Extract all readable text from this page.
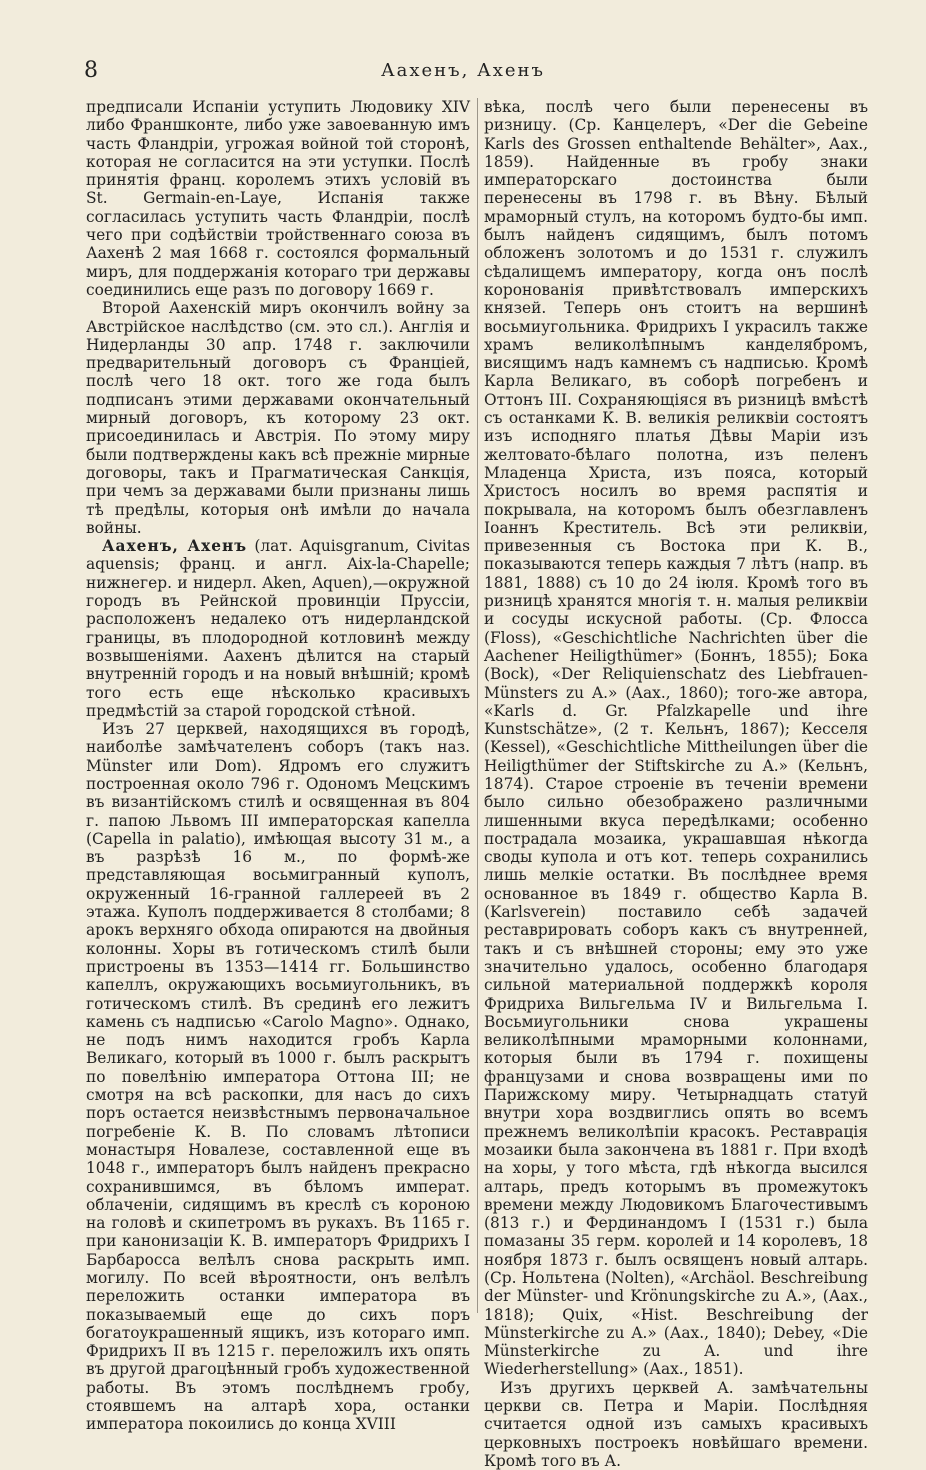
8	Аахенъ, Ахенъ

предписали Испаніи уступить Людовику XIV либо Франшконте, либо уже завоеванную имъ часть Фландріи, угрожая войной той сторонѣ, которая не согласится на эти уступки. Послѣ принятія франц. королемъ этихъ условій въ St. Germain-en-Laye, Испанія также согласилась уступить часть Фландріи, послѣ чего при содѣйствіи тройственнаго союза въ Аахенѣ 2 мая 1668 г. состоялся формальный миръ, для поддержанія котораго три державы соединились еще разъ по договору 1669 г.

Второй Аахенскій миръ окончилъ войну за Австрійское наслѣдство (см. это сл.). Англія и Нидерланды 30 апр. 1748 г. заключили предварительный договоръ съ Франціей, послѣ чего 18 окт. того же года былъ подписанъ этими державами окончательный мирный договоръ, къ которому 23 окт. присоединилась и Австрія. По этому миру были подтверждены какъ всѣ прежніе мирные договоры, такъ и Прагматическая Санкція, при чемъ за державами были признаны лишь тѣ предѣлы, которыя онѣ имѣли до начала войны.

Аахенъ, Ахенъ (лат. Aquisgranum, Civitas aquensis; франц. и англ. Aix-la-Chapelle; нижнегер. и нидерл. Aken, Aquen),—окружной городъ въ Рейнской провинціи Пруссіи, расположенъ недалеко отъ нидерландской границы, въ плодородной котловинѣ между возвышеніями. Аахенъ дѣлится на старый внутренній городъ и на новый внѣшній; кромѣ того есть еще нѣсколько красивыхъ предмѣстій за старой городской стѣной.

Изъ 27 церквей, находящихся въ городѣ, наиболѣе замѣчателенъ соборъ (такъ наз. Münster или Dom). Ядромъ его служитъ построенная около 796 г. Одономъ Мецскимъ въ византійскомъ стилѣ и освященная въ 804 г. папою Львомъ III императорская капелла (Capella in palatio), имѣющая высоту 31 м., а въ разрѣзѣ 16 м., по формѣ-же представляющая восьмигранный куполъ, окруженный 16-гранной галлереей въ 2 этажа. Куполъ поддерживается 8 столбами; 8 арокъ верхняго обхода опираются на двойныя колонны. Хоры въ готическомъ стилѣ были пристроены въ 1353—1414 гг. Большинство капеллъ, окружающихъ восьмиугольникъ, въ готическомъ стилѣ. Въ срединѣ его лежитъ камень съ надписью «Carolo Magno». Однако, не подъ нимъ находится гробъ Карла Великаго, который въ 1000 г. былъ раскрытъ по повелѣнію императора Оттона III; не смотря на всѣ раскопки, для насъ до сихъ поръ остается неизвѣстнымъ первоначальное погребеніе К. В. По словамъ лѣтописи монастыря Новалезе, составленной еще въ 1048 г., императоръ былъ найденъ прекрасно сохранившимся, въ бѣломъ императ. облаченіи, сидящимъ въ креслѣ съ короною на головѣ и скипетромъ въ рукахъ. Въ 1165 г. при канонизаціи К. В. императоръ Фридрихъ I Барбаросса велѣлъ снова раскрыть имп. могилу. По всей вѣроятности, онъ велѣлъ переложить останки императора въ показываемый еще до сихъ поръ богатоукрашенный ящикъ, изъ котораго имп. Фридрихъ II въ 1215 г. переложилъ ихъ опять въ другой драгоцѣнный гробъ художественной работы. Въ этомъ послѣднемъ гробу, стоявшемъ на алтарѣ хора, останки императора покоились до конца XVIII

вѣка, послѣ чего были перенесены въ ризницу. (Ср. Канцелеръ, «Der die Gebeine Karls des Grossen enthaltende Behälter», Аах., 1859). Найденные въ гробу знаки императорскаго достоинства были перенесены въ 1798 г. въ Вѣну. Бѣлый мраморный стулъ, на которомъ будто-бы имп. былъ найденъ сидящимъ, былъ потомъ обложенъ золотомъ и до 1531 г. служилъ сѣдалищемъ императору, когда онъ послѣ коронованія привѣтствовалъ имперскихъ князей. Теперь онъ стоитъ на вершинѣ восьмиугольника. Фридрихъ I украсилъ также храмъ великолѣпнымъ канделябромъ, висящимъ надъ камнемъ съ надписью. Кромѣ Карла Великаго, въ соборѣ погребенъ и Оттонъ III. Сохраняющіяся въ ризницѣ вмѣстѣ съ останками К. В. великія реликвіи состоятъ изъ исподняго платья Дѣвы Маріи изъ желтовато-бѣлаго полотна, изъ пеленъ Младенца Христа, изъ пояса, который Христосъ носилъ во время распятія и покрывала, на которомъ былъ обезглавленъ Іоаннъ Креститель. Всѣ эти реликвіи, привезенныя съ Востока при К. В., показываются теперь каждыя 7 лѣтъ (напр. въ 1881, 1888) съ 10 до 24 іюля. Кромѣ того въ ризницѣ хранятся многія т. н. малыя реликвіи и сосуды искусной работы. (Ср. Флосса (Floss), «Geschichtliche Nachrichten über die Aachener Heiligthümer» (Боннъ, 1855); Бока (Bock), «Der Reliquienschatz des Liebfrauen-Münsters zu A.» (Аах., 1860); того-же автора, «Karls d. Gr. Pfalzkapelle und ihre Kunstschätze», (2 т. Кельнъ, 1867); Кесселя (Kessel), «Geschichtliche Mittheilungen über die Heiligthümer der Stiftskirche zu A.» (Кельнъ, 1874). Старое строеніе въ теченіи времени было сильно обезображено различными лишенными вкуса передѣлками; особенно пострадала мозаика, украшавшая нѣкогда своды купола и отъ кот. теперь сохранились лишь мелкіе остатки. Въ послѣднее время основанное въ 1849 г. общество Карла В. (Karlsverein) поставило себѣ задачей реставрировать соборъ какъ съ внутренней, такъ и съ внѣшней стороны; ему это уже значительно удалось, особенно благодаря сильной материальной поддержкѣ короля Фридриха Вильгельма IV и Вильгельма I. Восьмиугольники снова украшены великолѣпными мраморными колоннами, которыя были въ 1794 г. похищены французами и снова возвращены ими по Парижскому миру. Четырнадцать статуй внутри хора воздвиглись опять во всемъ прежнемъ великолѣпіи красокъ. Реставрація мозаики была закончена въ 1881 г. При входѣ на хоры, у того мѣста, гдѣ нѣкогда высился алтарь, предъ которымъ въ промежутокъ времени между Людовикомъ Благочестивымъ (813 г.) и Фердинандомъ I (1531 г.) была помазаны 35 герм. королей и 14 королевъ, 18 ноября 1873 г. былъ освященъ новый алтарь. (Ср. Нольтена (Nolten), «Archäol. Beschreibung der Münster- und Krönungskirche zu A.», (Аах., 1818); Quix, «Hist. Beschreibung der Münsterkirche zu A.» (Аах., 1840); Debey, «Die Münsterkirche zu A. und ihre Wiederherstellung» (Аах., 1851).

Изъ другихъ церквей А. замѣчательны церкви св. Петра и Маріи. Послѣдняя считается одной изъ самыхъ красивыхъ церковныхъ построекъ новѣйшаго времени. Кромѣ того въ А.
